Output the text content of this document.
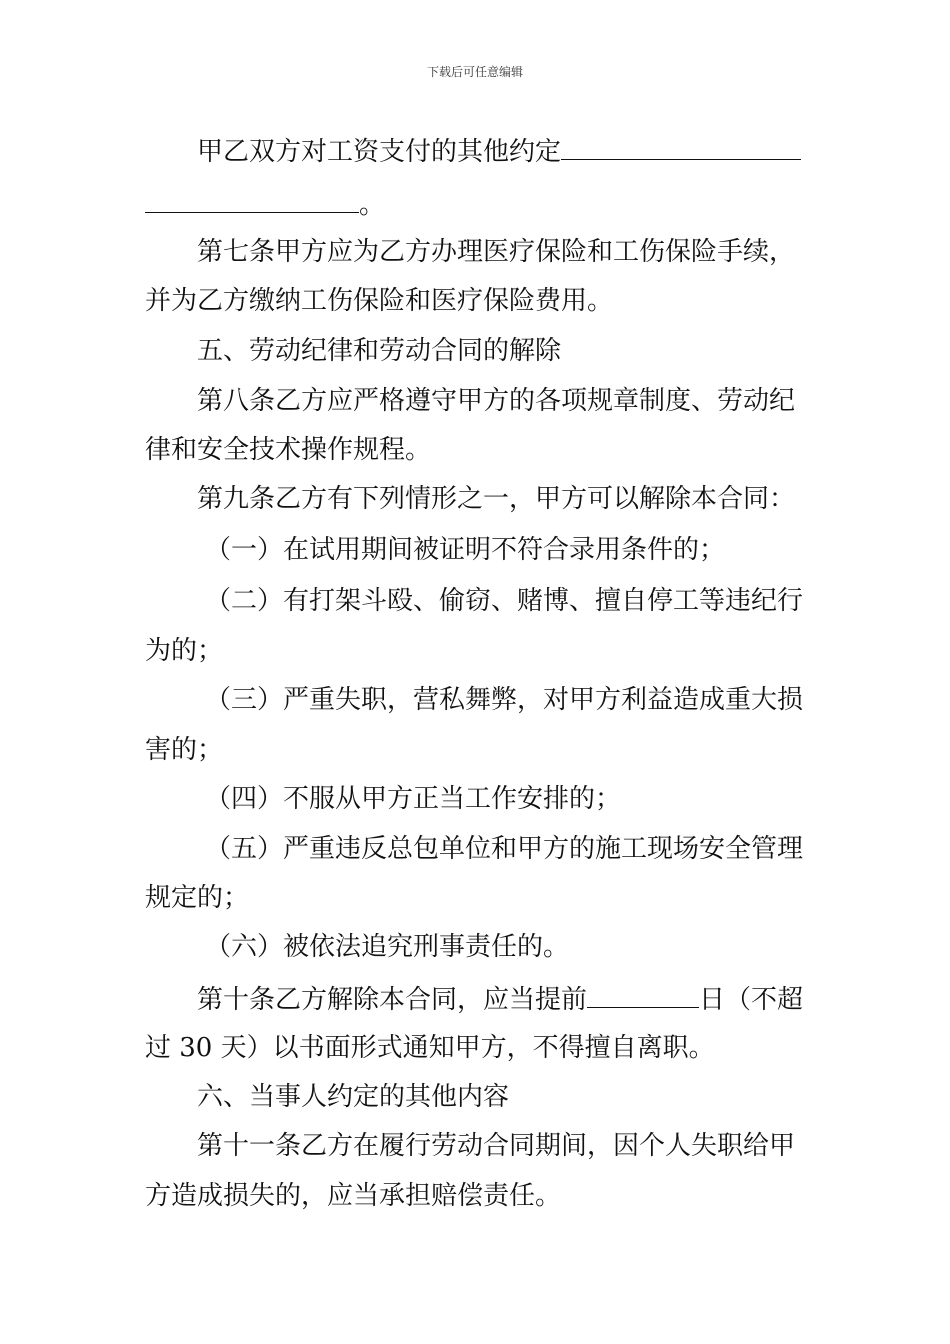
下载后可任意编辑
甲乙双方对工资支付的其他约定
。
第七条甲方应为乙方办理医疗保险和工伤保险手续，
并为乙方缴纳工伤保险和医疗保险费用。
五、劳动纪律和劳动合同的解除
第八条乙方应严格遵守甲方的各项规章制度、劳动纪
律和安全技术操作规程。
第九条乙方有下列情形之一，甲方可以解除本合同：
（一）在试用期间被证明不符合录用条件的；
（二）有打架斗殴、偷窃、赌博、擅自停工等违纪行
为的；
（三）严重失职，营私舞弊，对甲方利益造成重大损
害的；
（四）不服从甲方正当工作安排的；
（五）严重违反总包单位和甲方的施工现场安全管理
规定的；
（六）被依法追究刑事责任的。
第十条乙方解除本合同，应当提前	日（不超
过 30 天）以书面形式通知甲方，不得擅自离职。
六、当事人约定的其他内容
第十一条乙方在履行劳动合同期间，因个人失职给甲
方造成损失的，应当承担赔偿责任。
